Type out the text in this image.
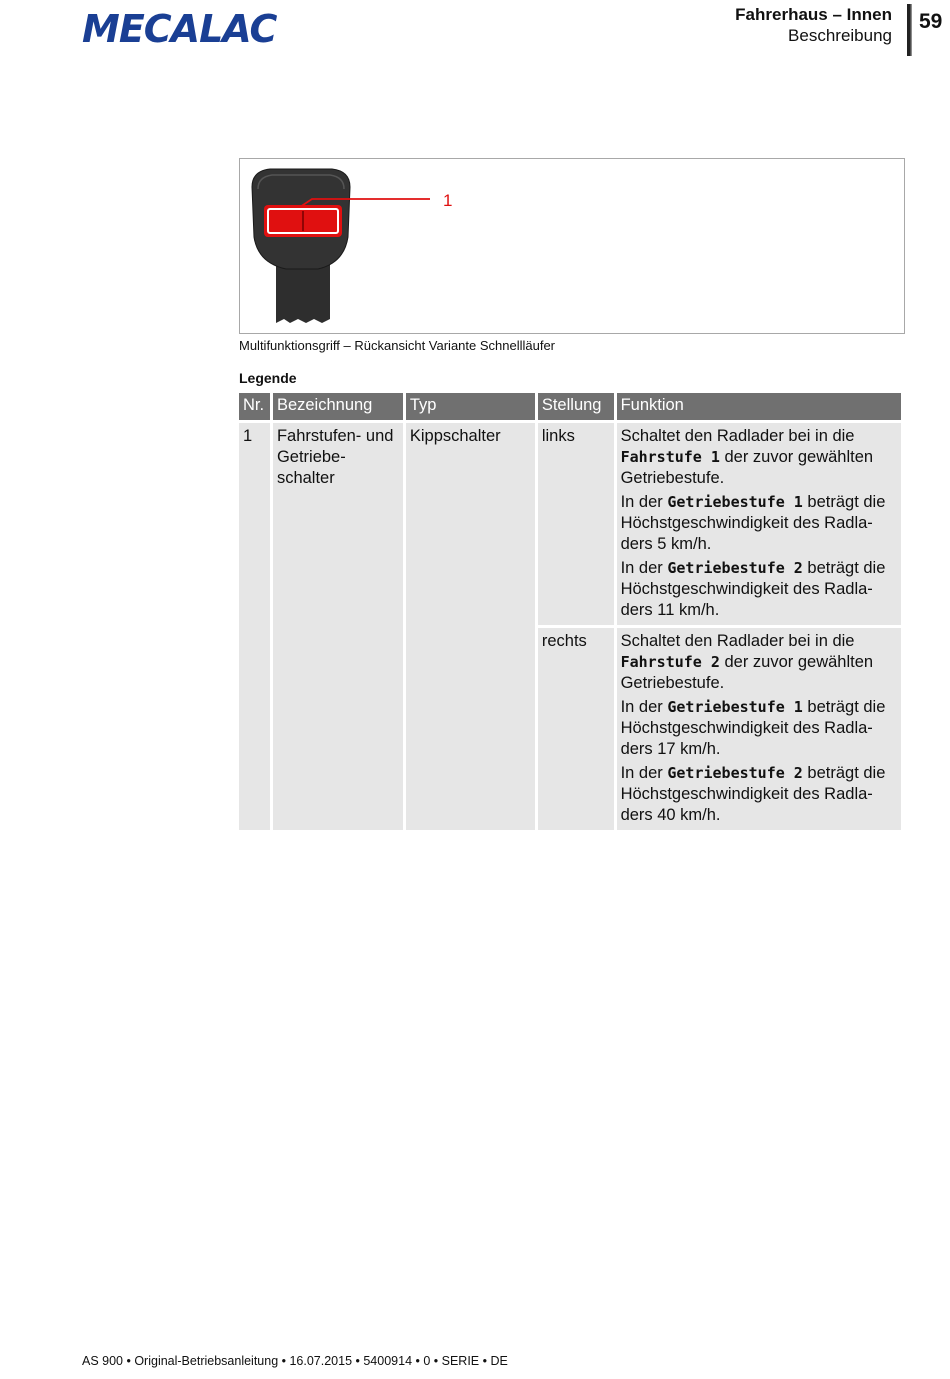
MECALAC	Fahrerhaus – Innen
Beschreibung
59
1
Multifunktionsgriff – Rückansicht Variante Schnellläufer
Legende
Nr.	Bezeichnung	Typ	Stellung	Funktion
1	Fahrstufen- und Getriebe-schalter	Kippschalter	links	Schaltet den Radlader bei in die Fahrstufe 1 der zuvor gewählten Getriebestufe.
In der Getriebestufe 1 beträgt die Höchstgeschwindigkeit des Radla-ders 5 km/h.
In der Getriebestufe 2 beträgt die Höchstgeschwindigkeit des Radla-ders 11 km/h.

			rechts	Schaltet den Radlader bei in die Fahrstufe 2 der zuvor gewählten Getriebestufe.
In der Getriebestufe 1 beträgt die Höchstgeschwindigkeit des Radla-ders 17 km/h.
In der Getriebestufe 2 beträgt die Höchstgeschwindigkeit des Radla-ders 40 km/h.
AS 900 • Original-Betriebsanleitung • 16.07.2015 • 5400914 • 0 • SERIE • DE
